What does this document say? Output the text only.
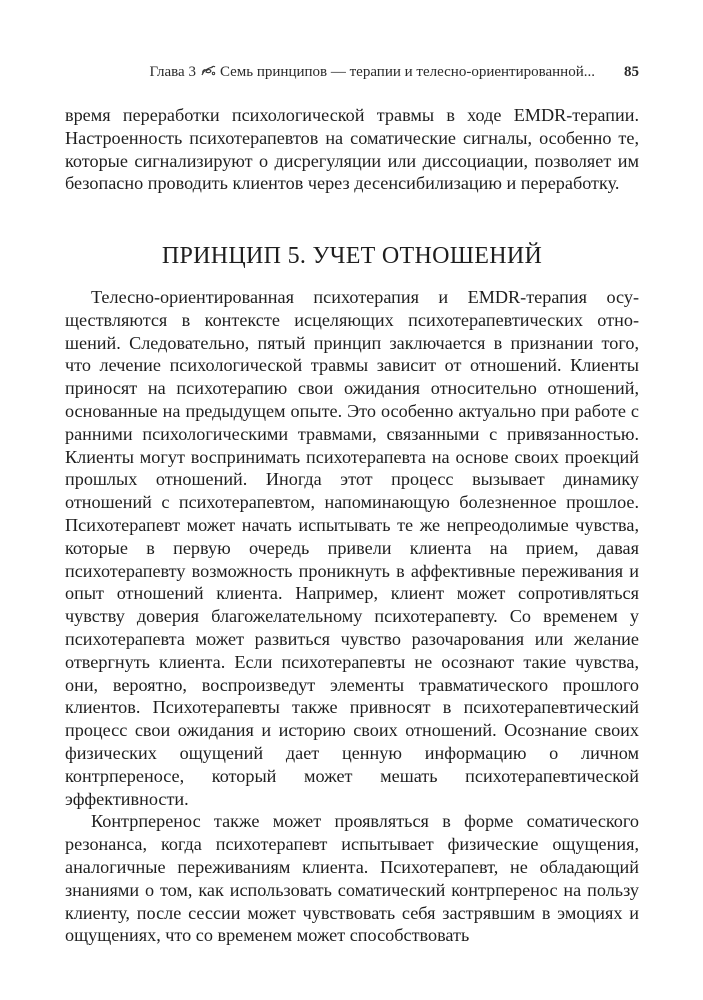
Глава 3 Семь принципов — терапии и телесно-ориентированной... 85

время переработки психологической травмы в ходе EMDR-терапии. Настроенность психотерапевтов на соматические сигналы, особенно те, которые сигнализируют о дисрегуляции или диссоциации, позволяет им безопасно проводить клиентов через десенсибилизацию и переработку.

ПРИНЦИП 5. УЧЕТ ОТНОШЕНИЙ

Телесно-ориентированная психотерапия и EMDR-терапия осуществляются в контексте исцеляющих психотерапевтических отношений. Следовательно, пятый принцип заключается в признании того, что лечение психологической травмы зависит от отношений. Клиенты приносят на психотерапию свои ожидания относительно отношений, основанные на предыдущем опыте. Это особенно актуально при работе с ранними психологическими травмами, связанными с привязанностью. Клиенты могут воспринимать психотерапевта на основе своих проекций прошлых отношений. Иногда этот процесс вызывает динамику отношений с психотерапевтом, напоминающую болезненное прошлое. Психотерапевт может начать испытывать те же непреодолимые чувства, которые в первую очередь привели клиента на прием, давая психотерапевту возможность проникнуть в аффективные переживания и опыт отношений клиента. Например, клиент может сопротивляться чувству доверия благожелательному психотерапевту. Со временем у психотерапевта может развиться чувство разочарования или желание отвергнуть клиента. Если психотерапевты не осознают такие чувства, они, вероятно, воспроизведут элементы травматического прошлого клиентов. Психотерапевты также привносят в психотерапевтический процесс свои ожидания и историю своих отношений. Осознание своих физических ощущений дает ценную информацию о личном контрпереносе, который может мешать психотерапевтической эффективности.

Контрперенос также может проявляться в форме соматического резонанса, когда психотерапевт испытывает физические ощущения, аналогичные переживаниям клиента. Психотерапевт, не обладающий знаниями о том, как использовать соматический контрперенос на пользу клиенту, после сессии может чувствовать себя застрявшим в эмоциях и ощущениях, что со временем может способствовать
